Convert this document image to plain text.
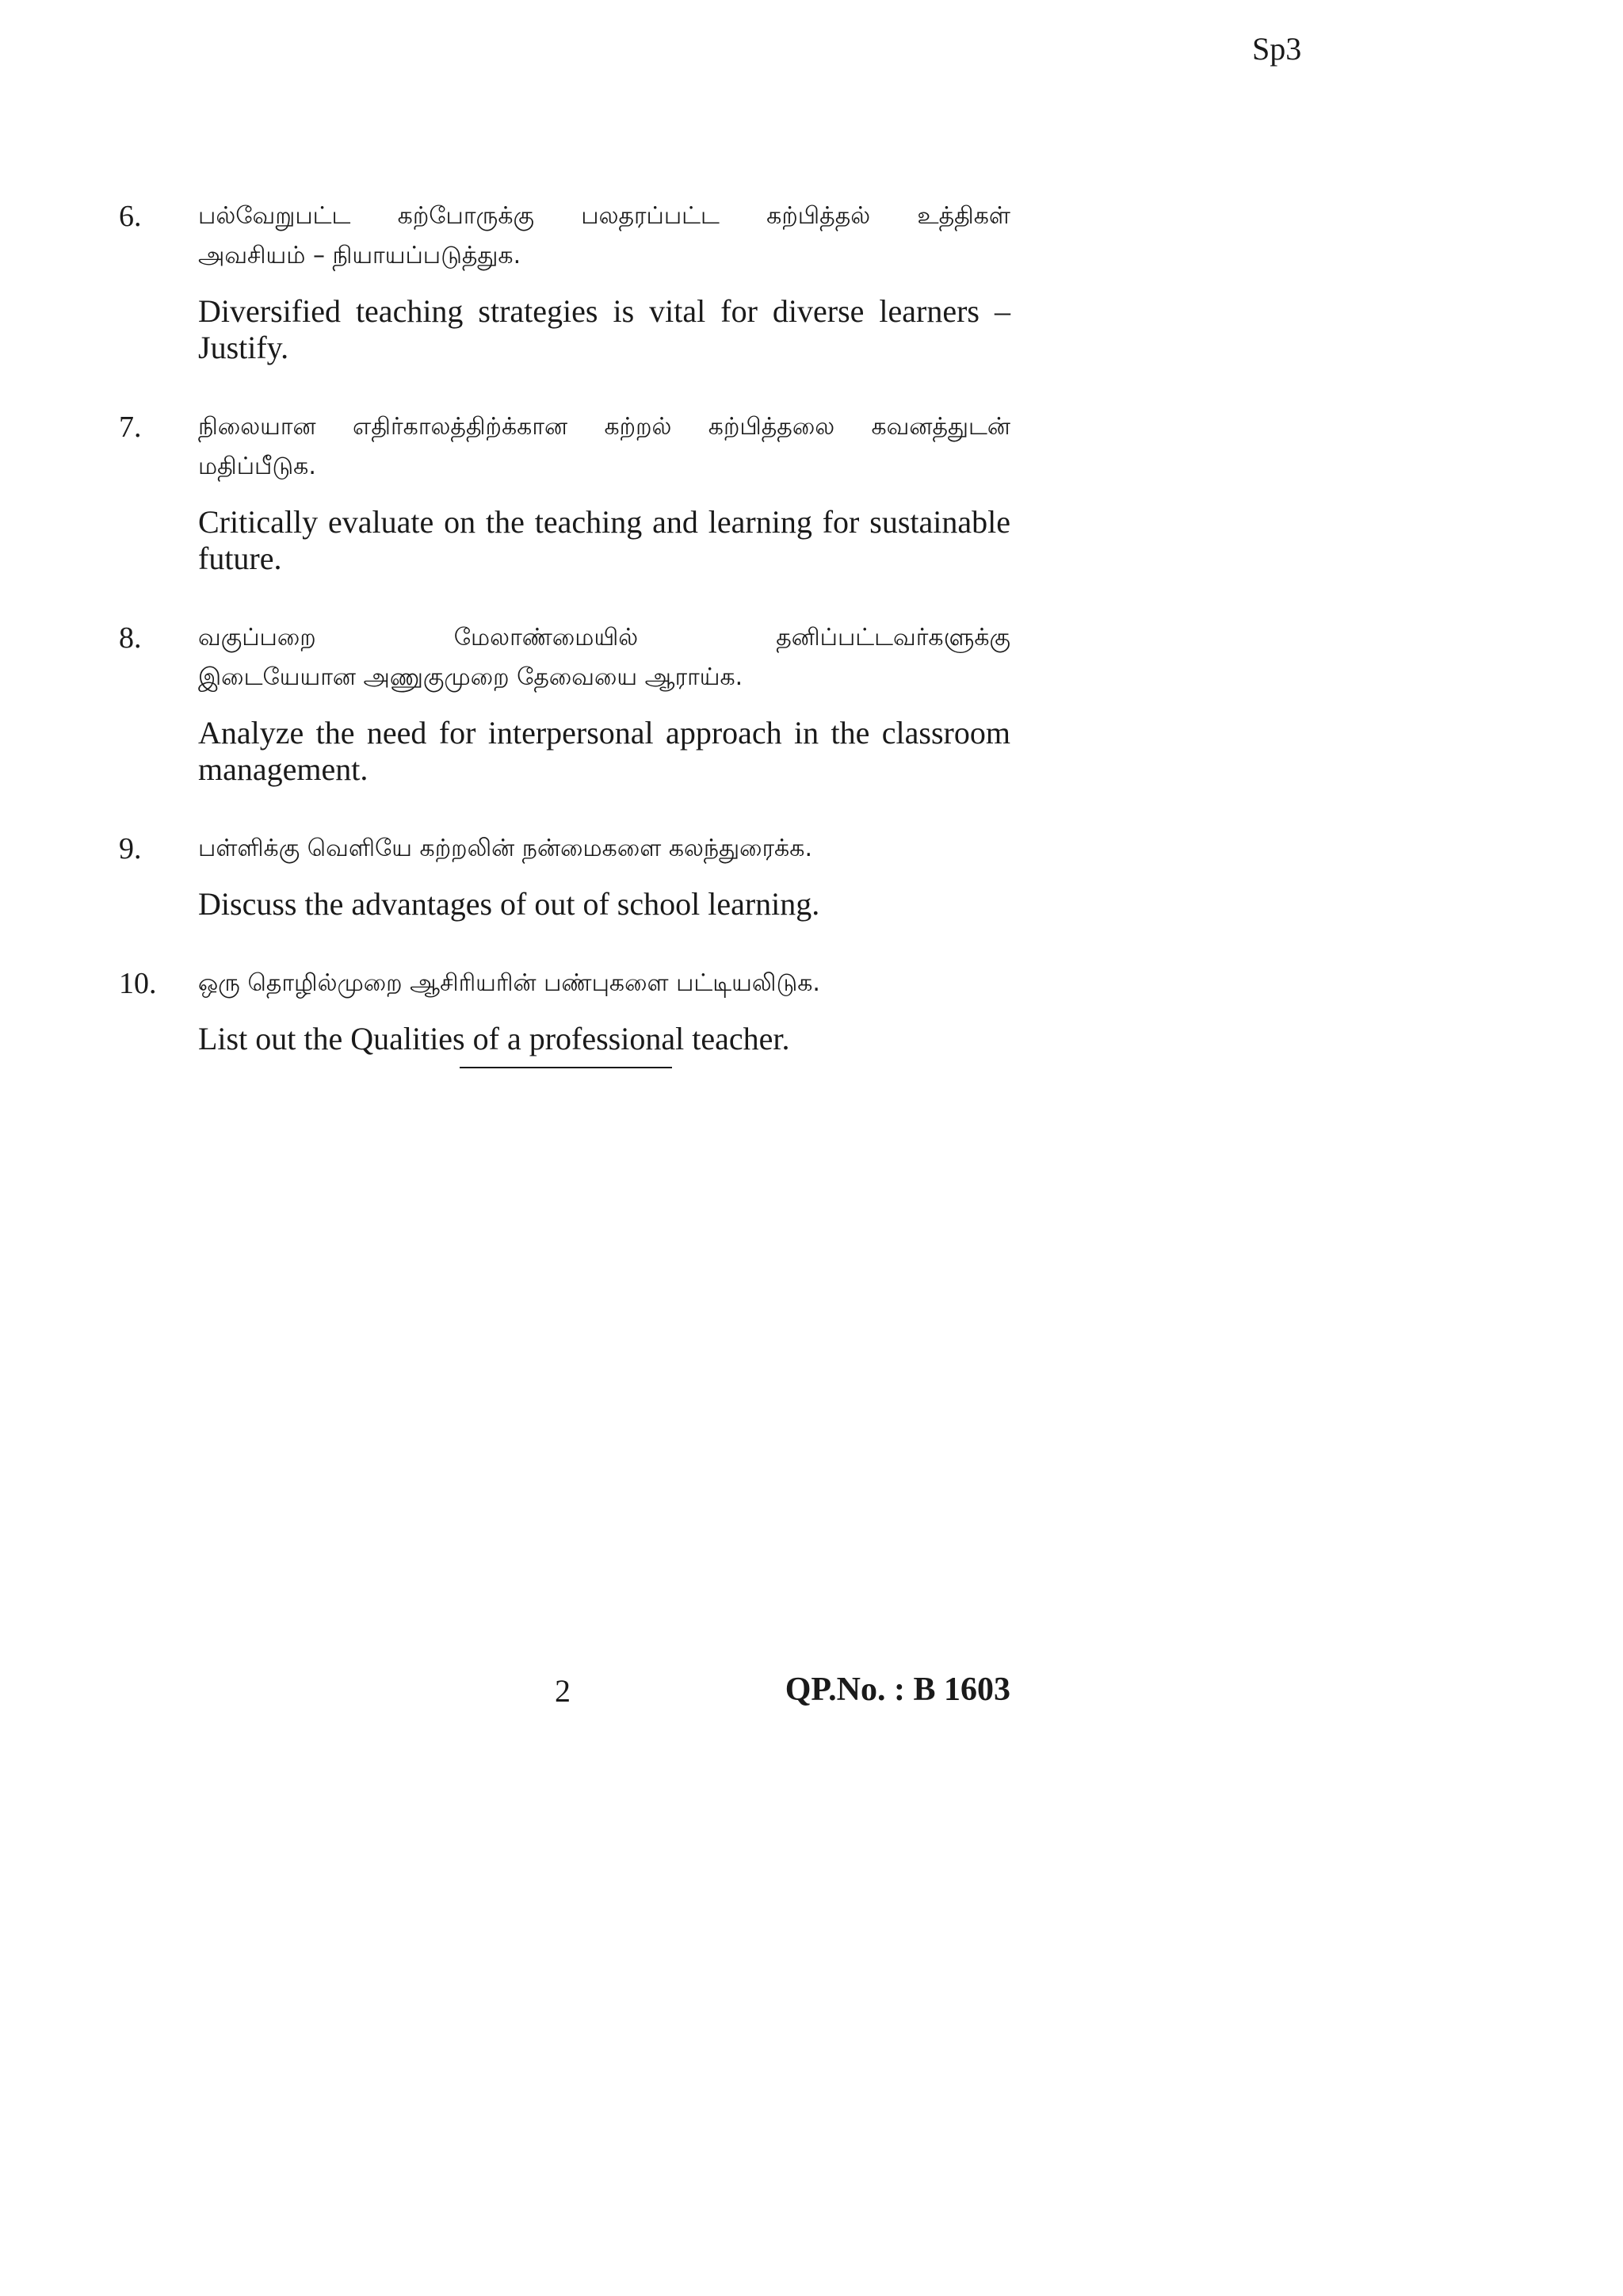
Sp3
6. பல்வேறுபட்ட கற்போருக்கு பலதரப்பட்ட கற்பித்தல் உத்திகள்

அவசியம் – நியாயப்படுத்துக.

Diversified teaching strategies is vital for diverse learners – Justify.

7. நிலையான எதிர்காலத்திற்க்கான கற்றல் கற்பித்தலை கவனத்துடன்

மதிப்பீடுக.

Critically evaluate on the teaching and learning for sustainable future.

8. வகுப்பறை மேலாண்மையில் தனிப்பட்டவர்களுக்கு

இடையேயான அணுகுமுறை தேவையை ஆராய்க.

Analyze the need for interpersonal approach in the classroom management.

9. பள்ளிக்கு வெளியே கற்றலின் நன்மைகளை கலந்துரைக்க.

Discuss the advantages of out of school learning.

10. ஒரு தொழில்முறை ஆசிரியரின் பண்புகளை பட்டியலிடுக.

List out the Qualities of a professional teacher.

2	QP.No. : B 1603
